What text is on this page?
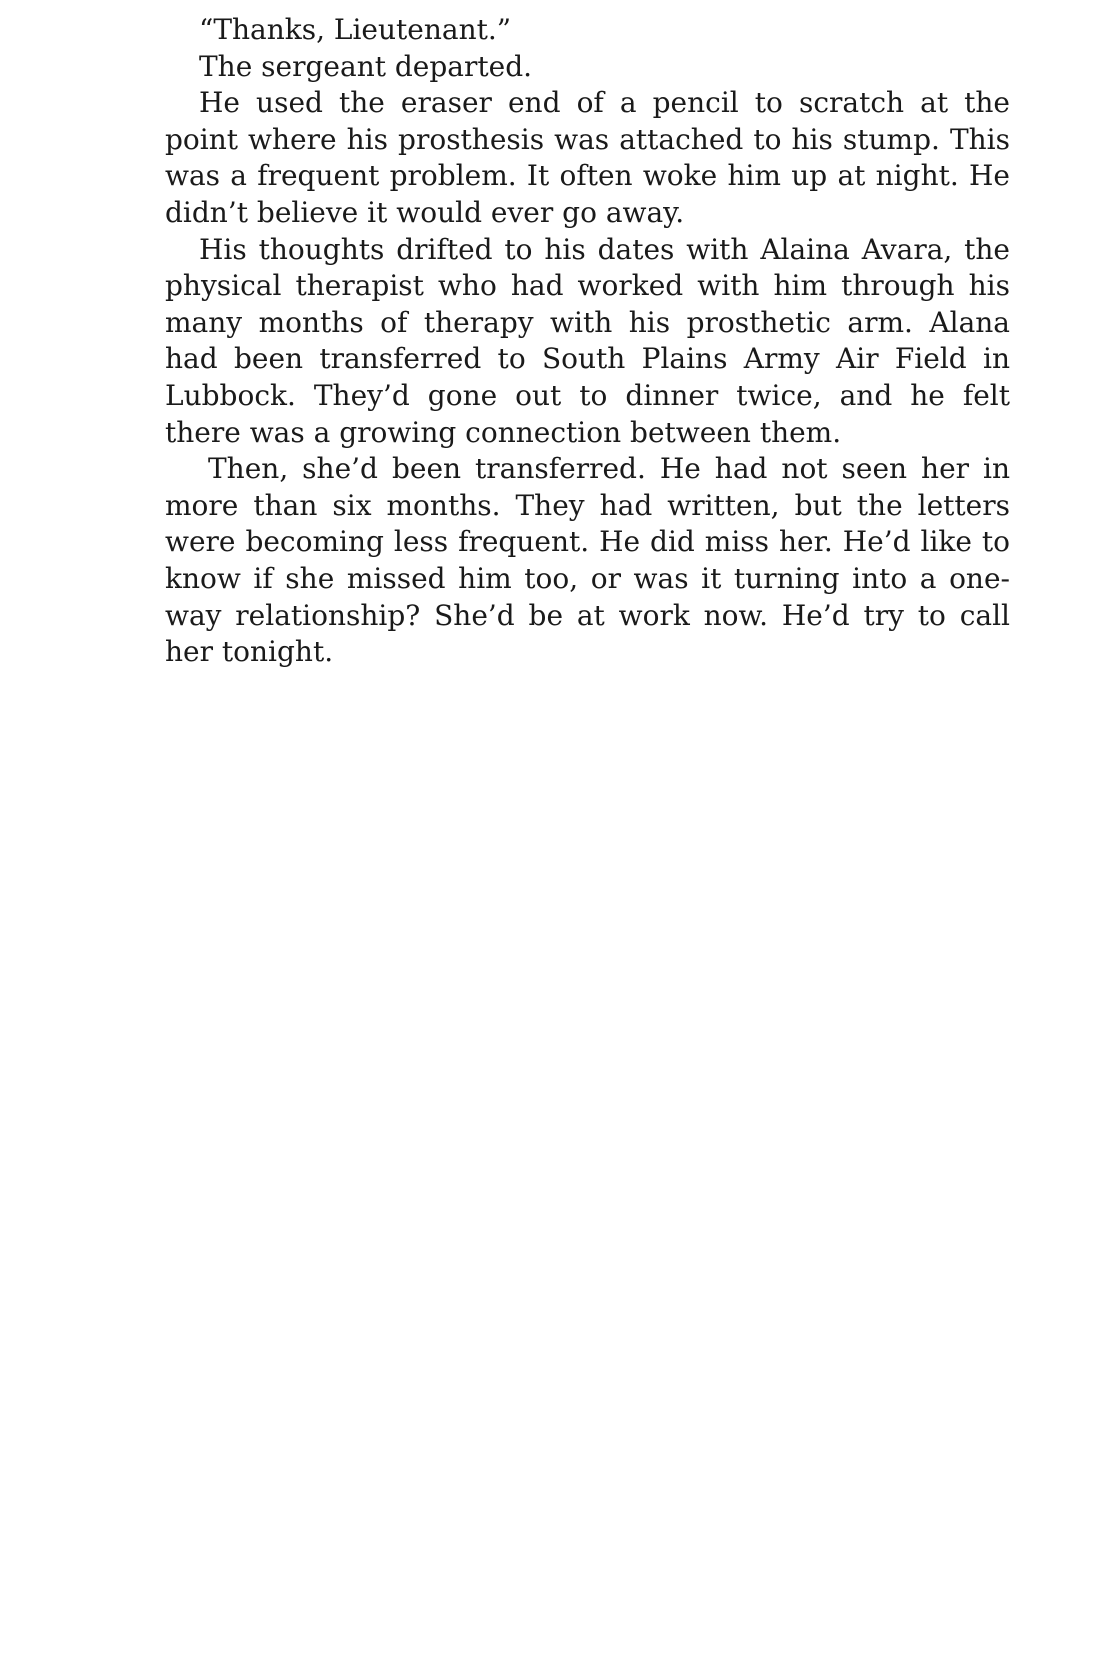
“Thanks, Lieutenant.”

The sergeant departed.

He used the eraser end of a pencil to scratch at the point where his prosthesis was attached to his stump. This was a frequent problem. It often woke him up at night. He didn’t believe it would ever go away.

His thoughts drifted to his dates with Alaina Avara, the physical therapist who had worked with him through his many months of therapy with his prosthetic arm. Alana had been transferred to South Plains Army Air Field in Lubbock. They’d gone out to dinner twice, and he felt there was a growing connection between them.

Then, she’d been transferred. He had not seen her in more than six months. They had written, but the letters were becoming less frequent. He did miss her. He’d like to know if she missed him too, or was it turning into a one-way relationship? She’d be at work now. He’d try to call her tonight.
